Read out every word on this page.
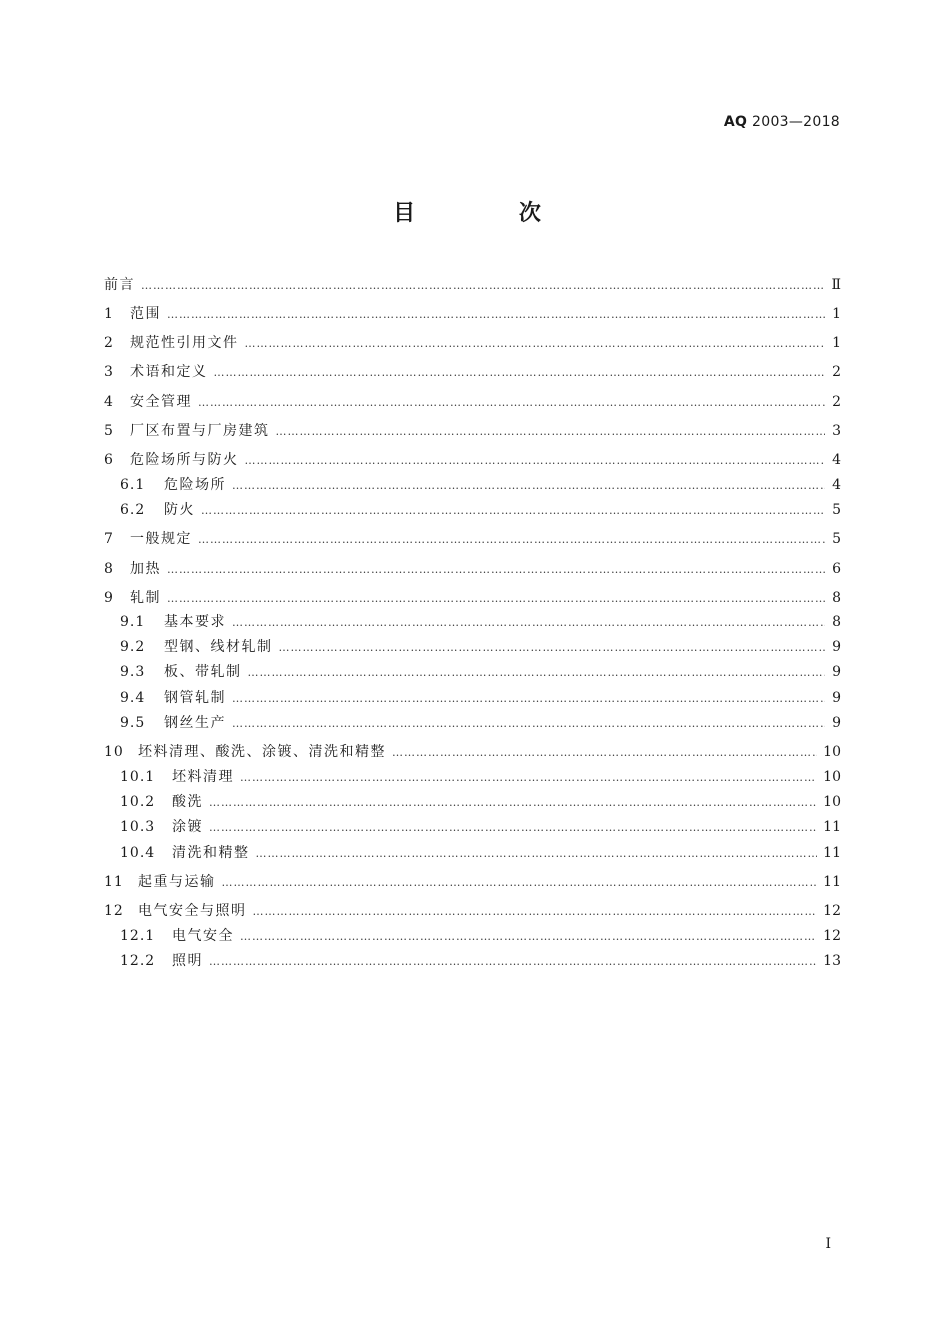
AQ 2003—2018
目 次
前言 ………………………………………………………………………………………………………………………………………………………………………………………………………	Ⅱ
1	范围 ………………………………………………………………………………………………………………………………………………………………………………………………………	1
2	规范性引用文件 ………………………………………………………………………………………………………………………………………………………………………………………………………	1
3	术语和定义 ………………………………………………………………………………………………………………………………………………………………………………………………………	2
4	安全管理 ………………………………………………………………………………………………………………………………………………………………………………………………………	2
5	厂区布置与厂房建筑 ………………………………………………………………………………………………………………………………………………………………………………………………………	3
6	危险场所与防火 ………………………………………………………………………………………………………………………………………………………………………………………………………	4
6.1	危险场所 ………………………………………………………………………………………………………………………………………………………………………………………………………	4
6.2	防火 ………………………………………………………………………………………………………………………………………………………………………………………………………	5
7	一般规定 ………………………………………………………………………………………………………………………………………………………………………………………………………	5
8	加热 ………………………………………………………………………………………………………………………………………………………………………………………………………	6
9	轧制 ………………………………………………………………………………………………………………………………………………………………………………………………………	8
9.1	基本要求 ………………………………………………………………………………………………………………………………………………………………………………………………………	8
9.2	型钢、线材轧制 ………………………………………………………………………………………………………………………………………………………………………………………………………	9
9.3	板、带轧制 ………………………………………………………………………………………………………………………………………………………………………………………………………	9
9.4	钢管轧制 ………………………………………………………………………………………………………………………………………………………………………………………………………	9
9.5	钢丝生产 ………………………………………………………………………………………………………………………………………………………………………………………………………	9
10	坯料清理、酸洗、涂镀、清洗和精整 ………………………………………………………………………………………………………………………………………………………………………………………………………	10
10.1	坯料清理 ………………………………………………………………………………………………………………………………………………………………………………………………………	10
10.2	酸洗 ………………………………………………………………………………………………………………………………………………………………………………………………………	10
10.3	涂镀 ………………………………………………………………………………………………………………………………………………………………………………………………………	11
10.4	清洗和精整 ………………………………………………………………………………………………………………………………………………………………………………………………………	11
11	起重与运输 ………………………………………………………………………………………………………………………………………………………………………………………………………	11
12	电气安全与照明 ………………………………………………………………………………………………………………………………………………………………………………………………………	12
12.1	电气安全 ………………………………………………………………………………………………………………………………………………………………………………………………………	12
12.2	照明 ………………………………………………………………………………………………………………………………………………………………………………………………………	13
I
